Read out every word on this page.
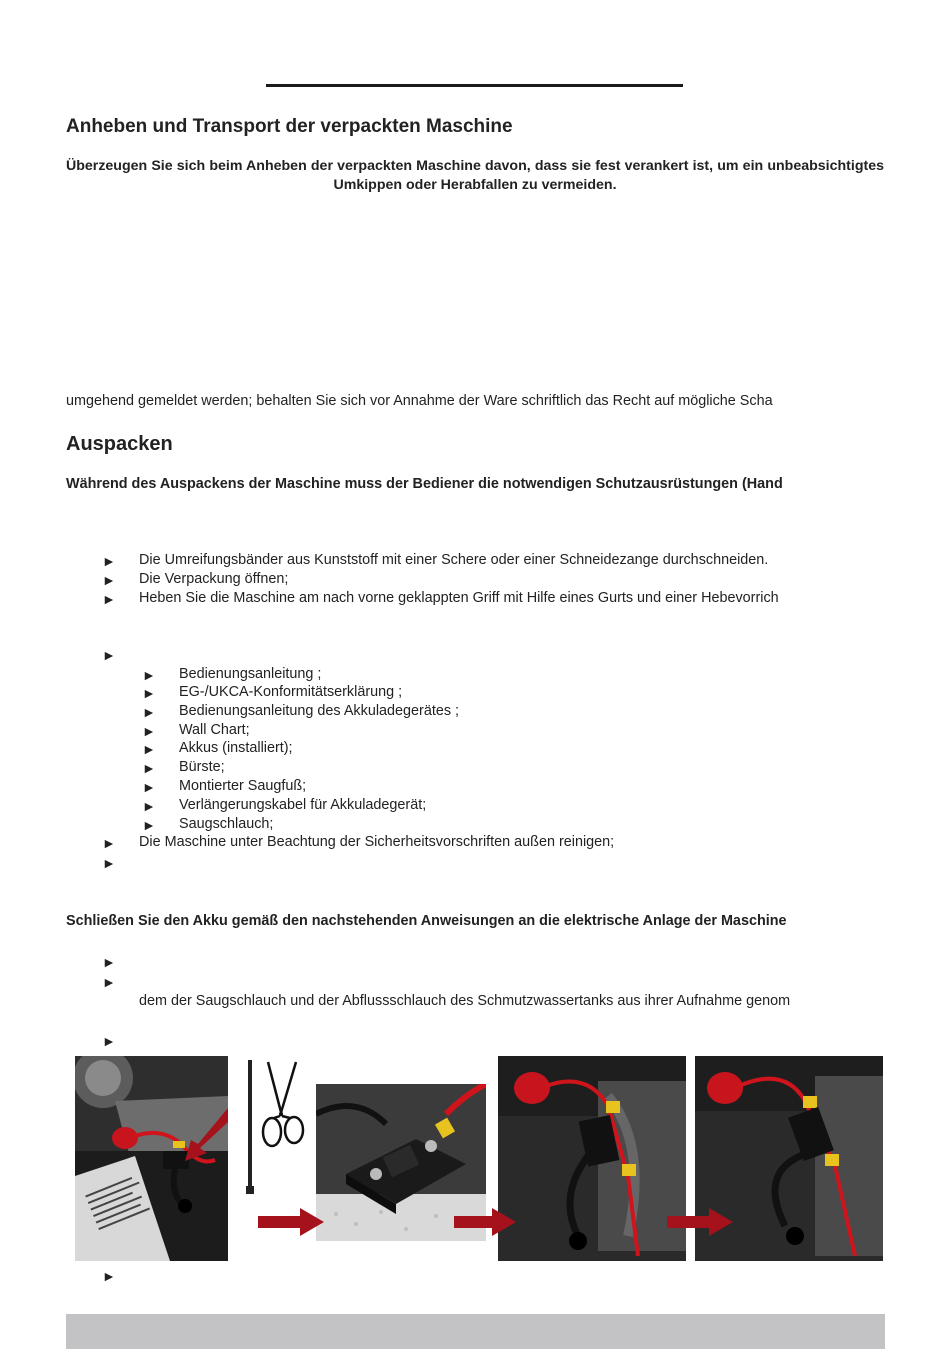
Anheben und Transport der verpackten Maschine
Überzeugen Sie sich beim Anheben der verpackten Maschine davon, dass sie fest verankert ist, um ein unbeabsichtigtes Umkippen oder Herabfallen zu vermeiden.
umgehend gemeldet werden; behalten Sie sich vor Annahme der Ware schriftlich das Recht auf mögliche Scha
Auspacken
Während des Auspackens der Maschine muss der Bediener die notwendigen Schutzausrüstungen (Hand
► Die Umreifungsbänder aus Kunststoff mit einer Schere oder einer Schneidezange durchschneiden.
► Die Verpackung öffnen;
► Heben Sie die Maschine am nach vorne geklappten Griff mit Hilfe eines Gurts und einer Hebevorrich
►
► Bedienungsanleitung ;
► EG-/UKCA-Konformitätserklärung ;
► Bedienungsanleitung des Akkuladegerätes ;
► Wall Chart;
► Akkus (installiert);
► Bürste;
► Montierter Saugfuß;
► Verlängerungskabel für Akkuladegerät;
► Saugschlauch;
► Die Maschine unter Beachtung der Sicherheitsvorschriften außen reinigen;
►
Schließen Sie den Akku gemäß den nachstehenden Anweisungen an die elektrische Anlage der Maschine
►
►
dem der Saugschlauch und der Abflussschlauch des Schmutzwassertanks aus ihrer Aufnahme genom
►
►
